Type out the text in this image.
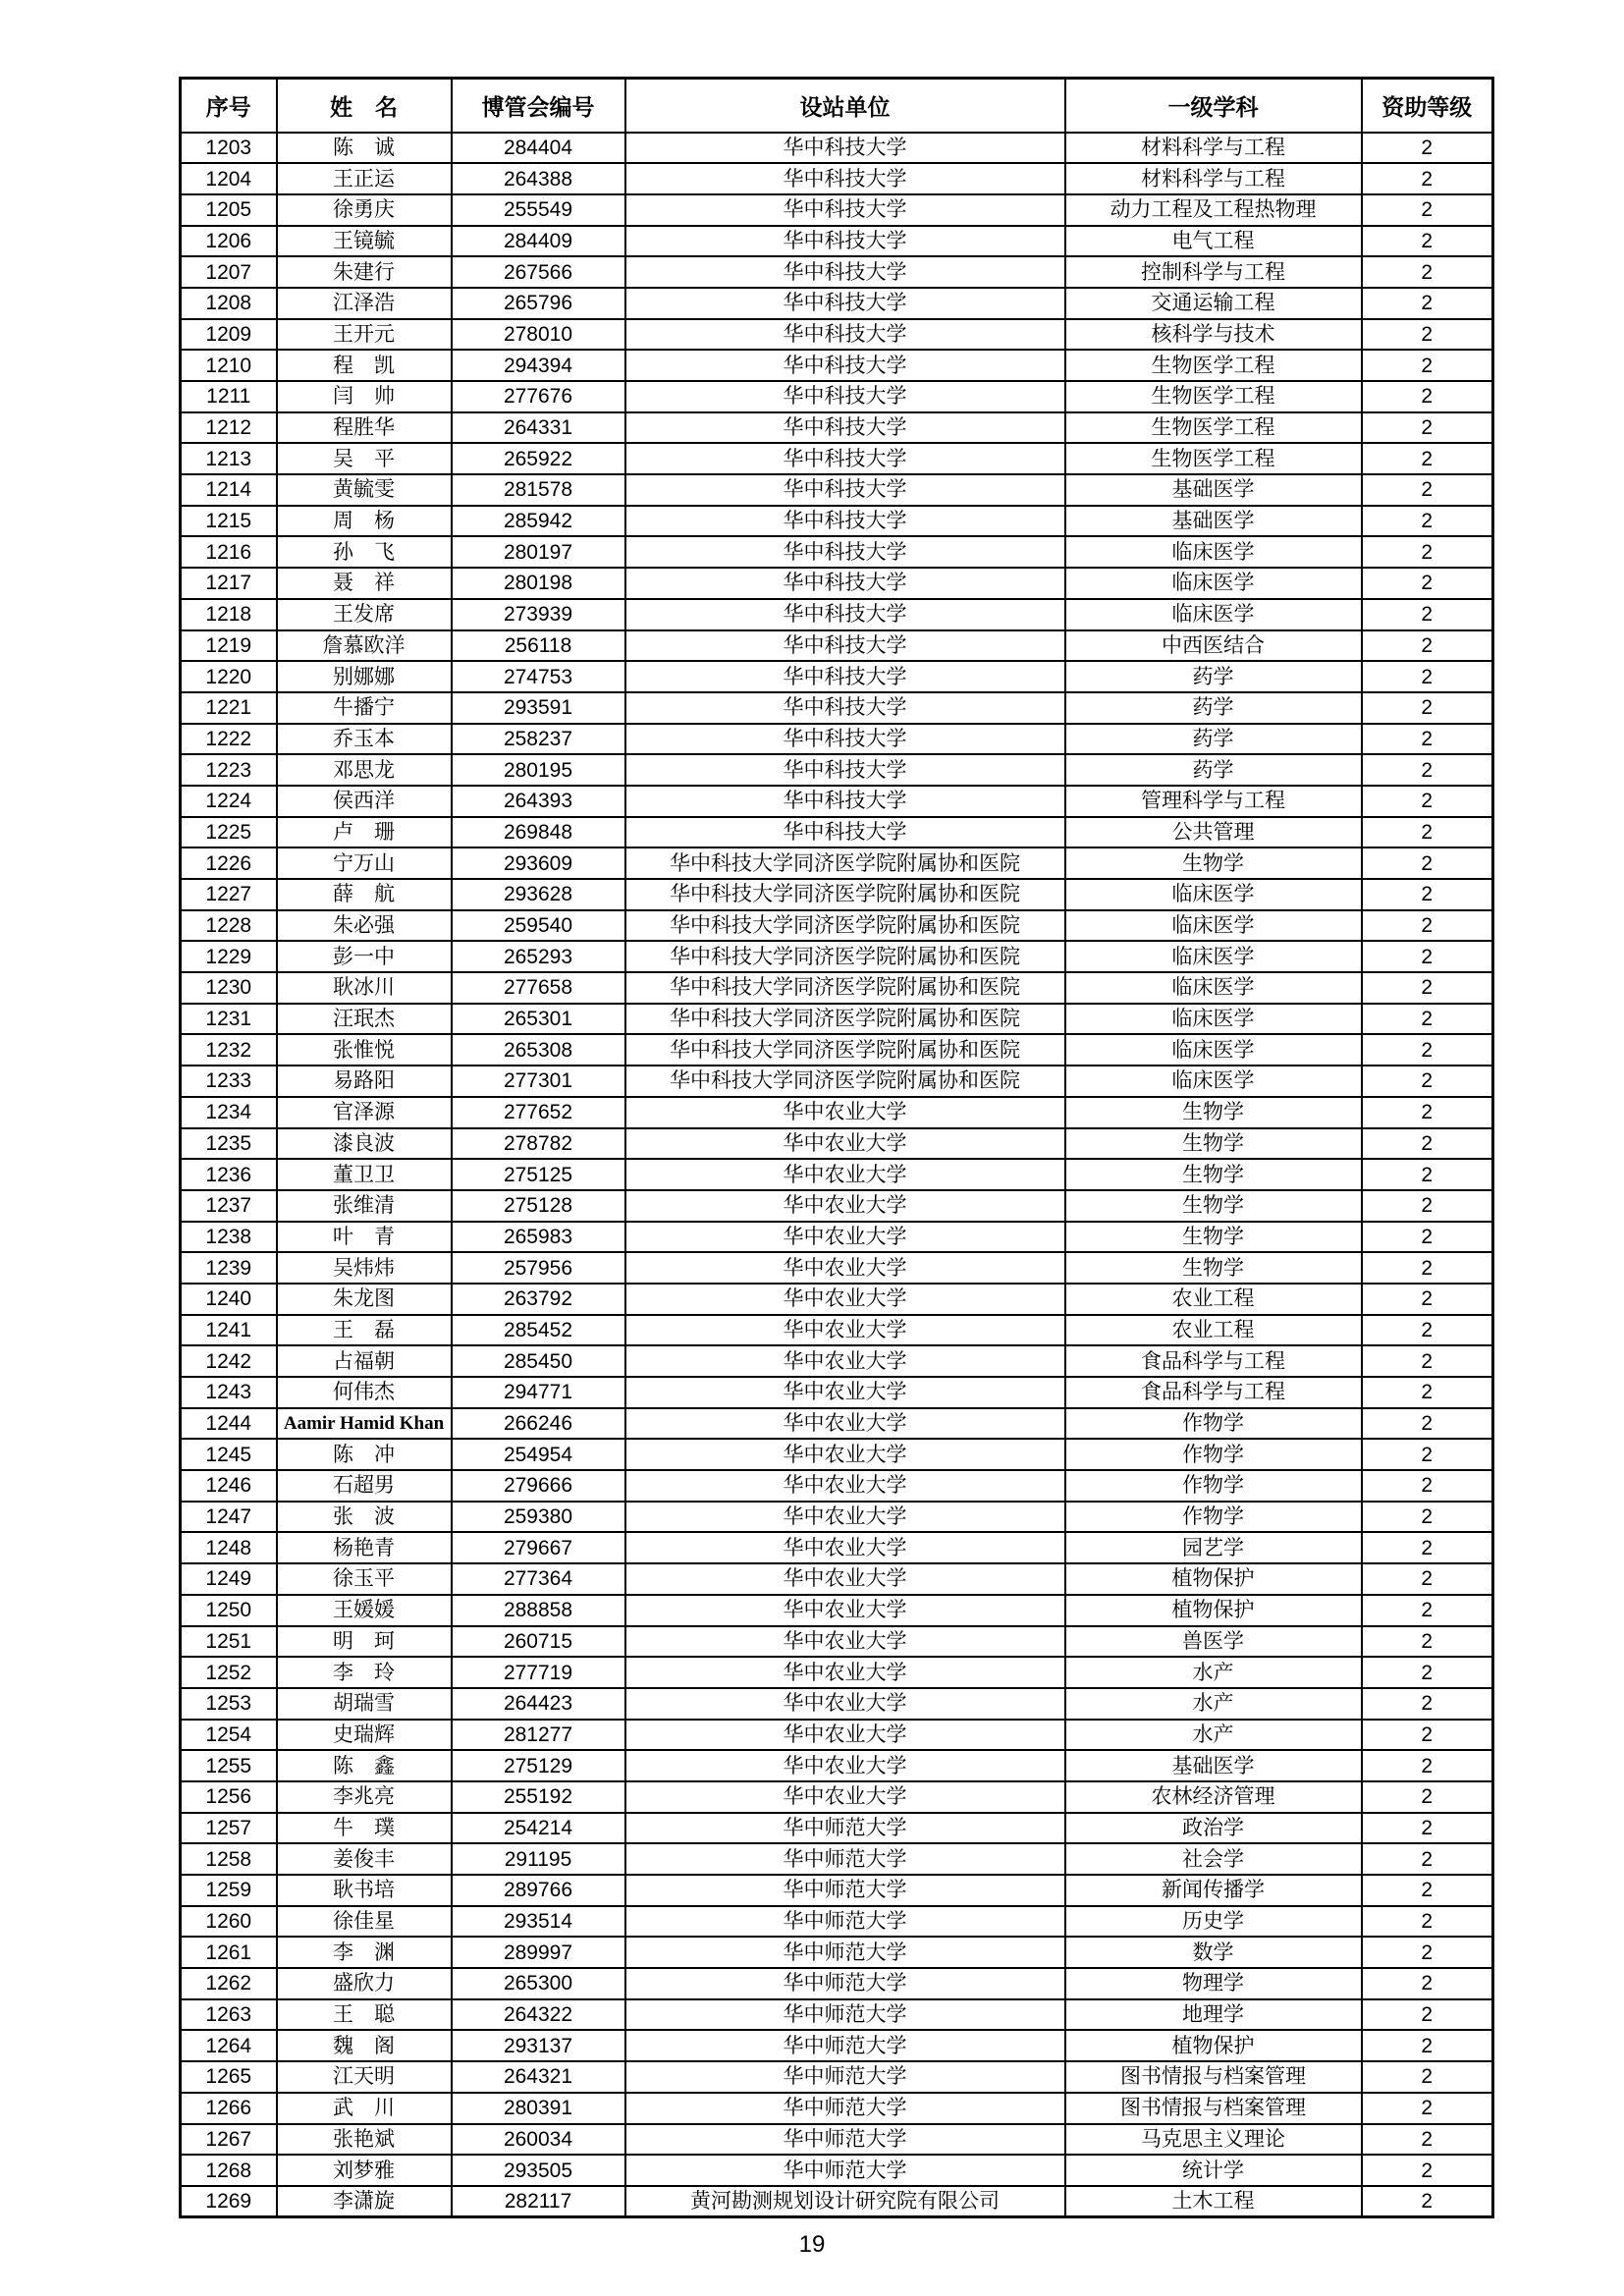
序号	姓　名	博管会编号	设站单位	一级学科	资助等级
1203	陈　诚	284404	华中科技大学	材料科学与工程	2
1204	王正运	264388	华中科技大学	材料科学与工程	2
1205	徐勇庆	255549	华中科技大学	动力工程及工程热物理	2
1206	王镜毓	284409	华中科技大学	电气工程	2
1207	朱建行	267566	华中科技大学	控制科学与工程	2
1208	江泽浩	265796	华中科技大学	交通运输工程	2
1209	王开元	278010	华中科技大学	核科学与技术	2
1210	程　凯	294394	华中科技大学	生物医学工程	2
1211	闫　帅	277676	华中科技大学	生物医学工程	2
1212	程胜华	264331	华中科技大学	生物医学工程	2
1213	吴　平	265922	华中科技大学	生物医学工程	2
1214	黄毓雯	281578	华中科技大学	基础医学	2
1215	周　杨	285942	华中科技大学	基础医学	2
1216	孙　飞	280197	华中科技大学	临床医学	2
1217	聂　祥	280198	华中科技大学	临床医学	2
1218	王发席	273939	华中科技大学	临床医学	2
1219	詹慕欧洋	256118	华中科技大学	中西医结合	2
1220	别娜娜	274753	华中科技大学	药学	2
1221	牛播宁	293591	华中科技大学	药学	2
1222	乔玉本	258237	华中科技大学	药学	2
1223	邓思龙	280195	华中科技大学	药学	2
1224	侯西洋	264393	华中科技大学	管理科学与工程	2
1225	卢　珊	269848	华中科技大学	公共管理	2
1226	宁万山	293609	华中科技大学同济医学院附属协和医院	生物学	2
1227	薛　航	293628	华中科技大学同济医学院附属协和医院	临床医学	2
1228	朱必强	259540	华中科技大学同济医学院附属协和医院	临床医学	2
1229	彭一中	265293	华中科技大学同济医学院附属协和医院	临床医学	2
1230	耿冰川	277658	华中科技大学同济医学院附属协和医院	临床医学	2
1231	汪珉杰	265301	华中科技大学同济医学院附属协和医院	临床医学	2
1232	张惟悦	265308	华中科技大学同济医学院附属协和医院	临床医学	2
1233	易路阳	277301	华中科技大学同济医学院附属协和医院	临床医学	2
1234	官泽源	277652	华中农业大学	生物学	2
1235	漆良波	278782	华中农业大学	生物学	2
1236	董卫卫	275125	华中农业大学	生物学	2
1237	张维清	275128	华中农业大学	生物学	2
1238	叶　青	265983	华中农业大学	生物学	2
1239	吴炜炜	257956	华中农业大学	生物学	2
1240	朱龙图	263792	华中农业大学	农业工程	2
1241	王　磊	285452	华中农业大学	农业工程	2
1242	占福朝	285450	华中农业大学	食品科学与工程	2
1243	何伟杰	294771	华中农业大学	食品科学与工程	2
1244	Aamir Hamid Khan	266246	华中农业大学	作物学	2
1245	陈　冲	254954	华中农业大学	作物学	2
1246	石超男	279666	华中农业大学	作物学	2
1247	张　波	259380	华中农业大学	作物学	2
1248	杨艳青	279667	华中农业大学	园艺学	2
1249	徐玉平	277364	华中农业大学	植物保护	2
1250	王媛媛	288858	华中农业大学	植物保护	2
1251	明　珂	260715	华中农业大学	兽医学	2
1252	李　玲	277719	华中农业大学	水产	2
1253	胡瑞雪	264423	华中农业大学	水产	2
1254	史瑞辉	281277	华中农业大学	水产	2
1255	陈　鑫	275129	华中农业大学	基础医学	2
1256	李兆亮	255192	华中农业大学	农林经济管理	2
1257	牛　璞	254214	华中师范大学	政治学	2
1258	姜俊丰	291195	华中师范大学	社会学	2
1259	耿书培	289766	华中师范大学	新闻传播学	2
1260	徐佳星	293514	华中师范大学	历史学	2
1261	李　渊	289997	华中师范大学	数学	2
1262	盛欣力	265300	华中师范大学	物理学	2
1263	王　聪	264322	华中师范大学	地理学	2
1264	魏　阁	293137	华中师范大学	植物保护	2
1265	江天明	264321	华中师范大学	图书情报与档案管理	2
1266	武　川	280391	华中师范大学	图书情报与档案管理	2
1267	张艳斌	260034	华中师范大学	马克思主义理论	2
1268	刘梦雅	293505	华中师范大学	统计学	2
1269	李潇旋	282117	黄河勘测规划设计研究院有限公司	土木工程	2
19
